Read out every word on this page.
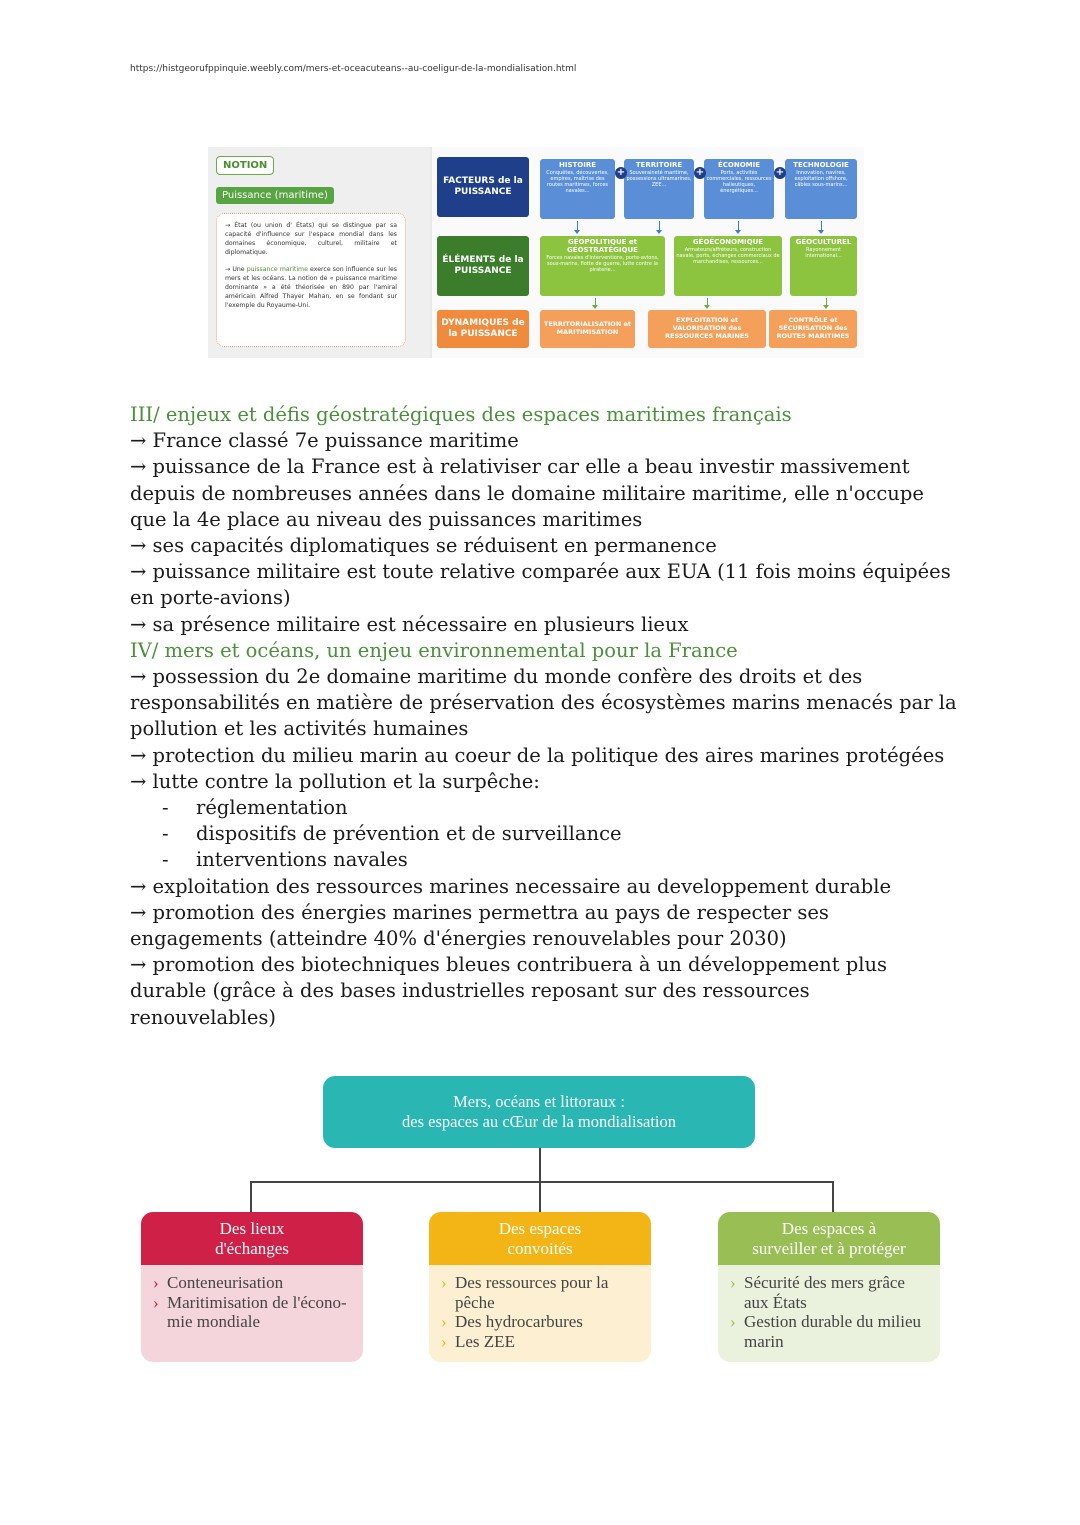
https://histgeorufppinquie.weebly.com/mers-et-oceacuteans--au-coeligur-de-la-mondialisation.html
NOTION
Puissance (maritime)

→ État (ou union d' États) qui se distingue par sa capacité d'influence sur l'espace mondial dans les domaines économique, culturel, militaire et diplomatique.

→ Une puissance maritime exerce son influence sur les mers et les océans. La notion de « puissance maritime dominante » a été théorisée en 890 par l'amiral américain Alfred Thayer Mahan, en se fondant sur l'exemple du Royaume-Uni.

FACTEURS de la PUISSANCE
ÉLÉMENTS de la PUISSANCE
DYNAMIQUES de la PUISSANCE
HISTOIRE
Conquêtes, découvertes, empires, maîtrise des routes maritimes, forces navales...
TERRITOIRE
Souveraineté maritime, possessions ultramarines, ZEE...
ÉCONOMIE
Ports, activités commerciales, ressources halieutiques, énergétiques...
TECHNOLOGIE
Innovation, navires, exploitation offshore, câbles sous-marins...
+	+	+
GÉOPOLITIQUE et GÉOSTRATÉGIQUE
Forces navales d'interventions, porte-avions, sous-marins, flotte de guerre, lutte contre la piraterie...
GÉOÉCONOMIQUE
Armateurs/affréteurs, construction navale, ports, échanges commerciaux de marchandises, ressources...
GÉOCULTUREL
Rayonnement international...
TERRITORIALISATION et MARITIMISATION
EXPLOITATION et VALORISATION des RESSOURCES MARINES
CONTRÔLE et SÉCURISATION des ROUTES MARITIMES

III/ enjeux et défis géostratégiques des espaces maritimes français

→ France classé 7e puissance maritime

→ puissance de la France est à relativiser car elle a beau investir massivement depuis de nombreuses années dans le domaine militaire maritime, elle n'occupe que la 4e place au niveau des puissances maritimes

→ ses capacités diplomatiques se réduisent en permanence

→ puissance militaire est toute relative comparée aux EUA (11 fois moins équipées en porte-avions)

→ sa présence militaire est nécessaire en plusieurs lieux

IV/ mers et océans, un enjeu environnemental pour la France

→ possession du 2e domaine maritime du monde confère des droits et des responsabilités en matière de préservation des écosystèmes marins menacés par la pollution et les activités humaines

→ protection du milieu marin au coeur de la politique des aires marines protégées

→ lutte contre la pollution et la surpêche:

- réglementation

- dispositifs de prévention et de surveillance

- interventions navales

→ exploitation des ressources marines necessaire au developpement durable

→ promotion des énergies marines permettra au pays de respecter ses engagements (atteindre 40% d'énergies renouvelables pour 2030)

→ promotion des biotechniques bleues contribuera à un développement plus durable (grâce à des bases industrielles reposant sur des ressources renouvelables)

Mers, océans et littoraux :
des espaces au cŒur de la mondialisation
Des lieux
d'échanges
› Conteneurisation
› Maritimisation de l'écono-mie mondiale
Des espaces
convoités
› Des ressources pour la pêche
› Des hydrocarbures
› Les ZEE
Des espaces à
surveiller et à protéger
› Sécurité des mers grâce aux États
› Gestion durable du milieu marin
